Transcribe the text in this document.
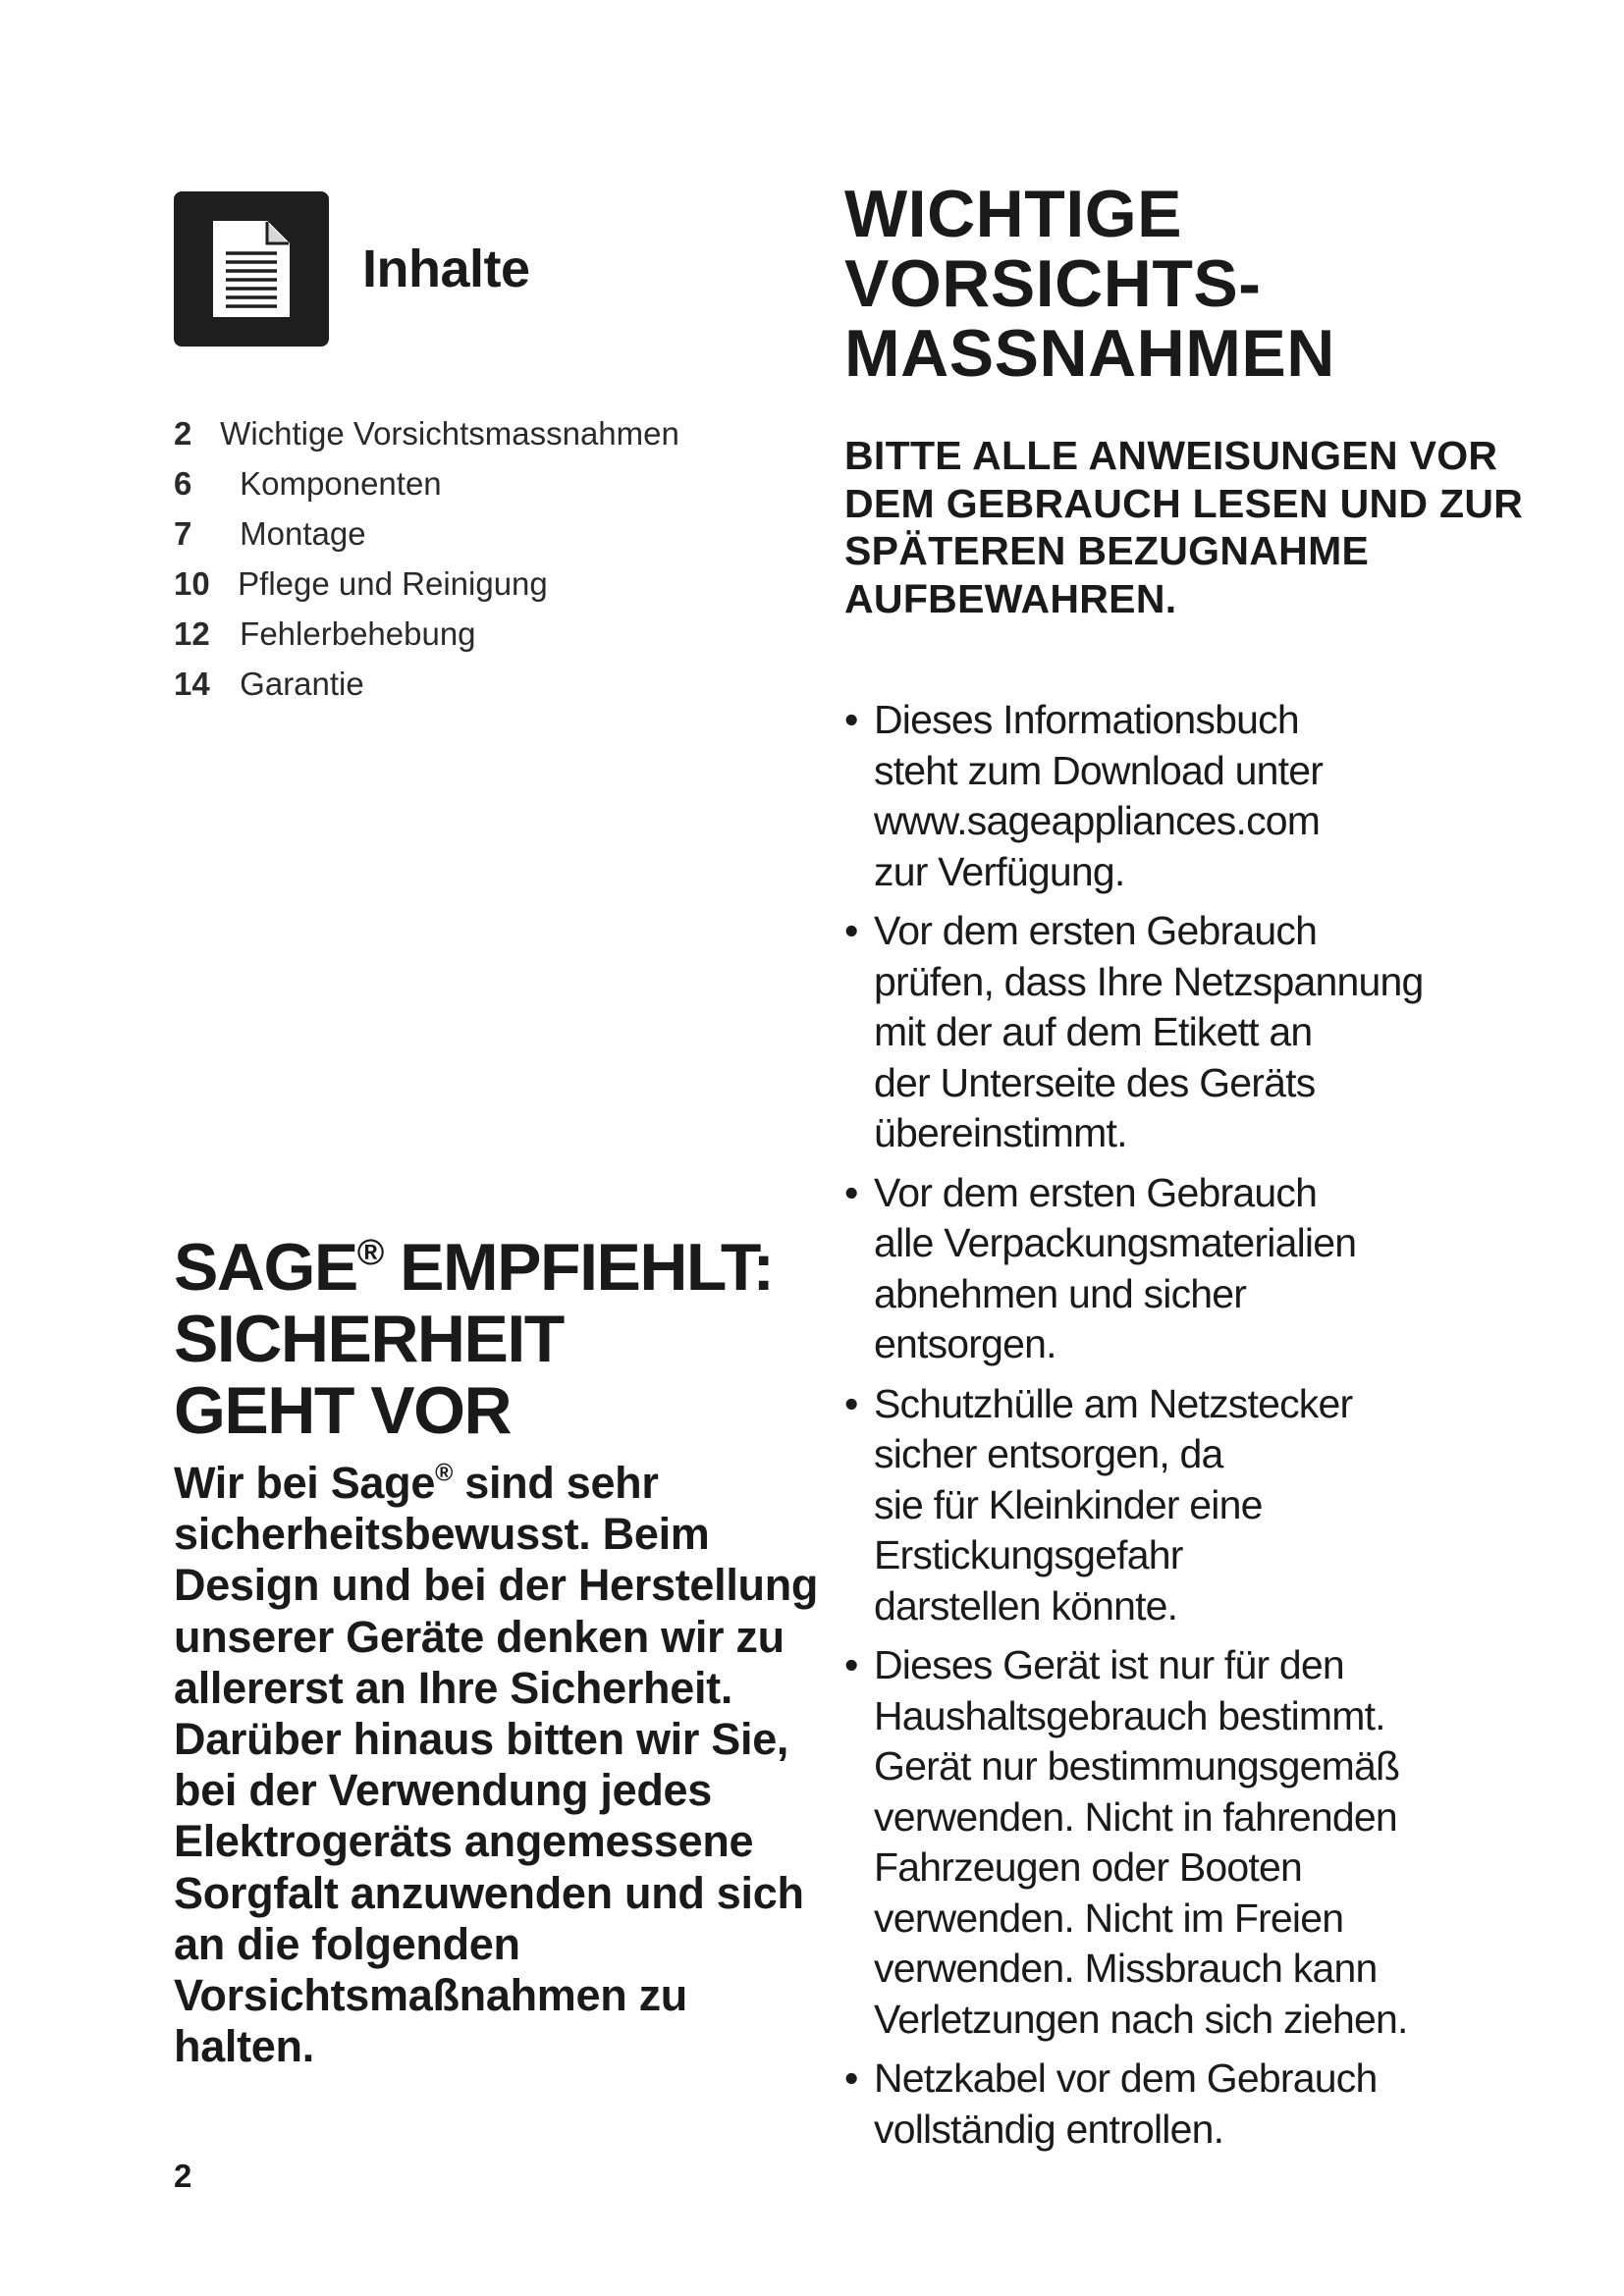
Inhalte
2 Wichtige Vorsichtsmassnahmen
6 Komponenten
7 Montage
10 Pflege und Reinigung
12 Fehlerbehebung
14 Garantie
SAGE® EMPFIEHLT:
SICHERHEIT
GEHT VOR

Wir bei Sage® sind sehr sicherheitsbewusst. Beim Design und bei der Herstellung unserer Geräte denken wir zu allererst an Ihre Sicherheit. Darüber hinaus bitten wir Sie, bei der Verwendung jedes Elektrogeräts angemessene Sorgfalt anzuwenden und sich an die folgenden Vorsichtsmaßnahmen zu halten.

2
WICHTIGE
VORSICHTS-
MASSNAHMEN

BITTE ALLE ANWEISUNGEN VOR DEM GEBRAUCH LESEN UND ZUR SPÄTEREN BEZUGNAHME AUFBEWAHREN.

• Dieses Informationsbuch
steht zum Download unter
www.sageappliances.com
zur Verfügung.
• Vor dem ersten Gebrauch
prüfen, dass Ihre Netzspannung
mit der auf dem Etikett an
der Unterseite des Geräts
übereinstimmt.
• Vor dem ersten Gebrauch
alle Verpackungsmaterialien
abnehmen und sicher
entsorgen.
• Schutzhülle am Netzstecker
sicher entsorgen, da
sie für Kleinkinder eine
Erstickungsgefahr
darstellen könnte.
• Dieses Gerät ist nur für den
Haushaltsgebrauch bestimmt.
Gerät nur bestimmungsgemäß
verwenden. Nicht in fahrenden
Fahrzeugen oder Booten
verwenden. Nicht im Freien
verwenden. Missbrauch kann
Verletzungen nach sich ziehen.
• Netzkabel vor dem Gebrauch
vollständig entrollen.
